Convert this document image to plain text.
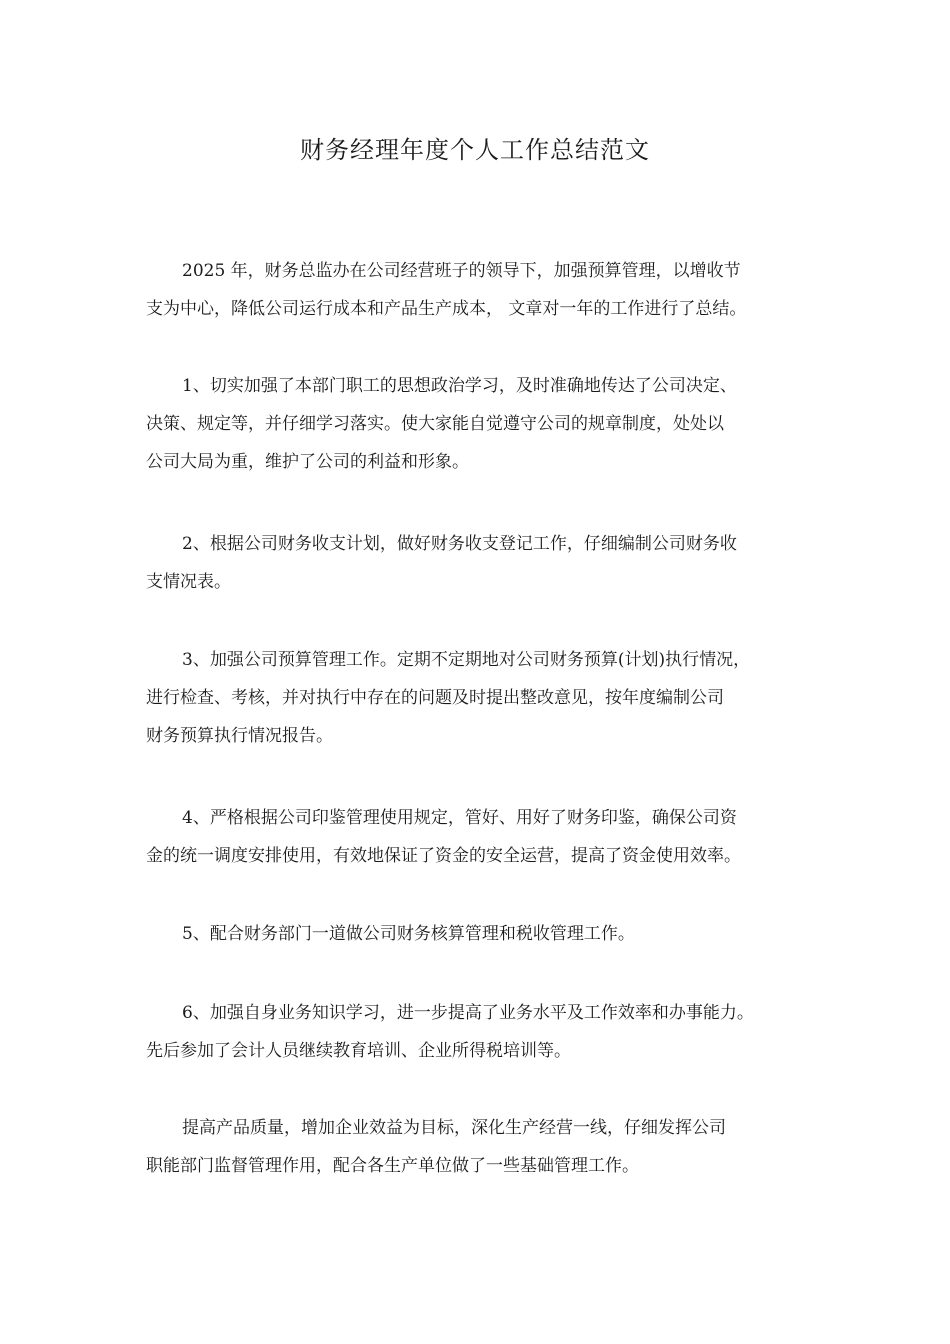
财务经理年度个人工作总结范文
2025 年，财务总监办在公司经营班子的领导下，加强预算管理，以增收节
支为中心，降低公司运行成本和产品生产成本， 文章对一年的工作进行了总结。
1、切实加强了本部门职工的思想政治学习，及时准确地传达了公司决定、
决策、规定等，并仔细学习落实。使大家能自觉遵守公司的规章制度，处处以
公司大局为重，维护了公司的利益和形象。
2、根据公司财务收支计划，做好财务收支登记工作，仔细编制公司财务收
支情况表。
3、加强公司预算管理工作。定期不定期地对公司财务预算(计划)执行情况，
进行检查、考核，并对执行中存在的问题及时提出整改意见，按年度编制公司
财务预算执行情况报告。
4、严格根据公司印鉴管理使用规定，管好、用好了财务印鉴，确保公司资
金的统一调度安排使用，有效地保证了资金的安全运营，提高了资金使用效率。
5、配合财务部门一道做公司财务核算管理和税收管理工作。
6、加强自身业务知识学习，进一步提高了业务水平及工作效率和办事能力。
先后参加了会计人员继续教育培训、企业所得税培训等。
提高产品质量，增加企业效益为目标，深化生产经营一线，仔细发挥公司
职能部门监督管理作用，配合各生产单位做了一些基础管理工作。
